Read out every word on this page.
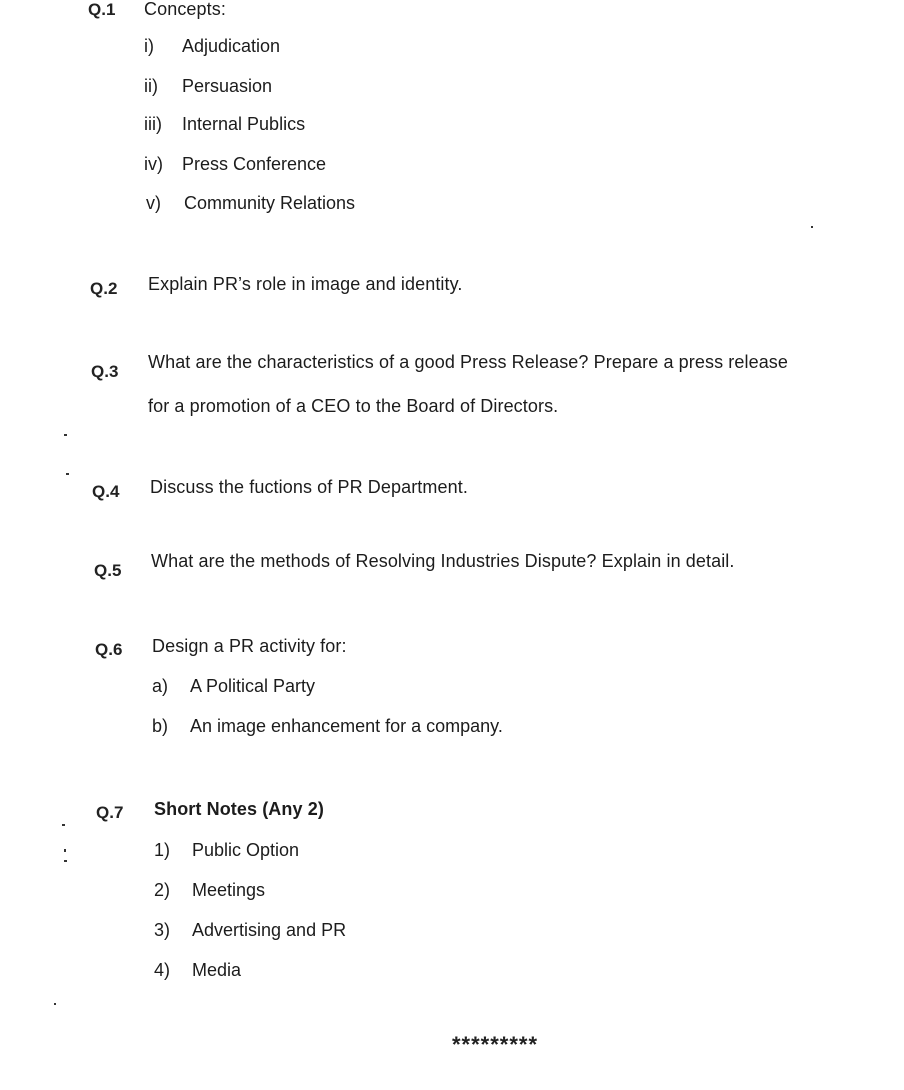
Q.1 Concepts:
i) Adjudication
ii) Persuasion
iii) Internal Publics
iv) Press Conference
v) Community Relations
Q.2 Explain PR’s role in image and identity.
Q.3 What are the characteristics of a good Press Release? Prepare a press release
for a promotion of a CEO to the Board of Directors.
Q.4 Discuss the fuctions of PR Department.
Q.5 What are the methods of Resolving Industries Dispute? Explain in detail.
Q.6 Design a PR activity for:
a) A Political Party
b) An image enhancement for a company.
Q.7 Short Notes (Any 2)
1) Public Option
2) Meetings
3) Advertising and PR
4) Media
*********
